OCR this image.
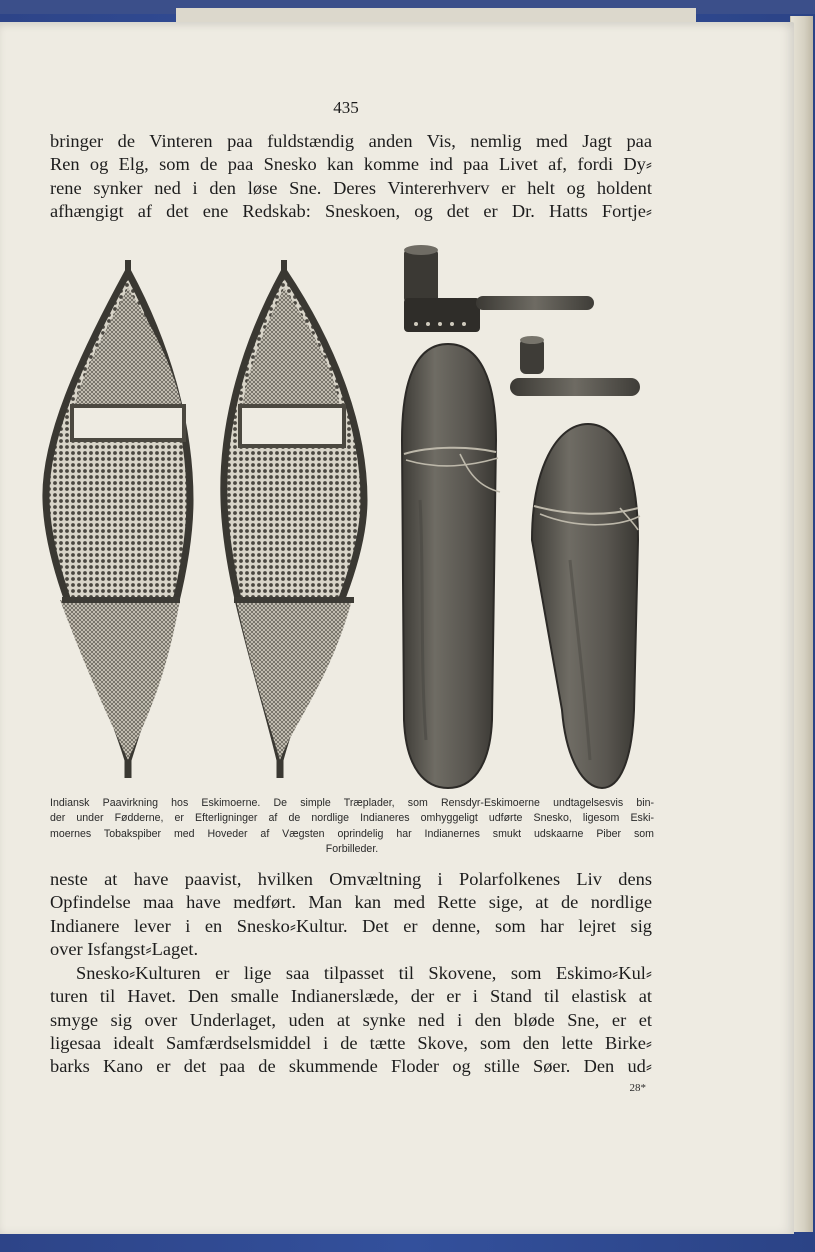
435
bringer de Vinteren paa fuldstændig anden Vis, nemlig med Jagt paa
Ren og Elg, som de paa Snesko kan komme ind paa Livet af, fordi Dy⸗
rene synker ned i den løse Sne. Deres Vintererhverv er helt og holdent
afhængigt af det ene Redskab: Sneskoen, og det er Dr. Hatts Fortje⸗
Indiansk Paavirkning hos Eskimoerne. De simple Træplader, som Rensdyr-Eskimoerne undtagelsesvis bin-
der under Fødderne, er Efterligninger af de nordlige Indianeres omhyggeligt udførte Snesko, ligesom Eski-
moernes Tobakspiber med Hoveder af Vægsten oprindelig har Indianernes smukt udskaarne Piber som
Forbilleder.
neste at have paavist, hvilken Omvæltning i Polarfolkenes Liv dens
Opfindelse maa have medført. Man kan med Rette sige, at de nordlige
Indianere lever i en Snesko⸗Kultur. Det er denne, som har lejret sig
over Isfangst⸗Laget.
Snesko⸗Kulturen er lige saa tilpasset til Skovene, som Eskimo⸗Kul⸗
turen til Havet. Den smalle Indianerslæde, der er i Stand til elastisk at
smyge sig over Underlaget, uden at synke ned i den bløde Sne, er et
ligesaa idealt Samfærdselsmiddel i de tætte Skove, som den lette Birke⸗
barks Kano er det paa de skummende Floder og stille Søer. Den ud⸗
28*
